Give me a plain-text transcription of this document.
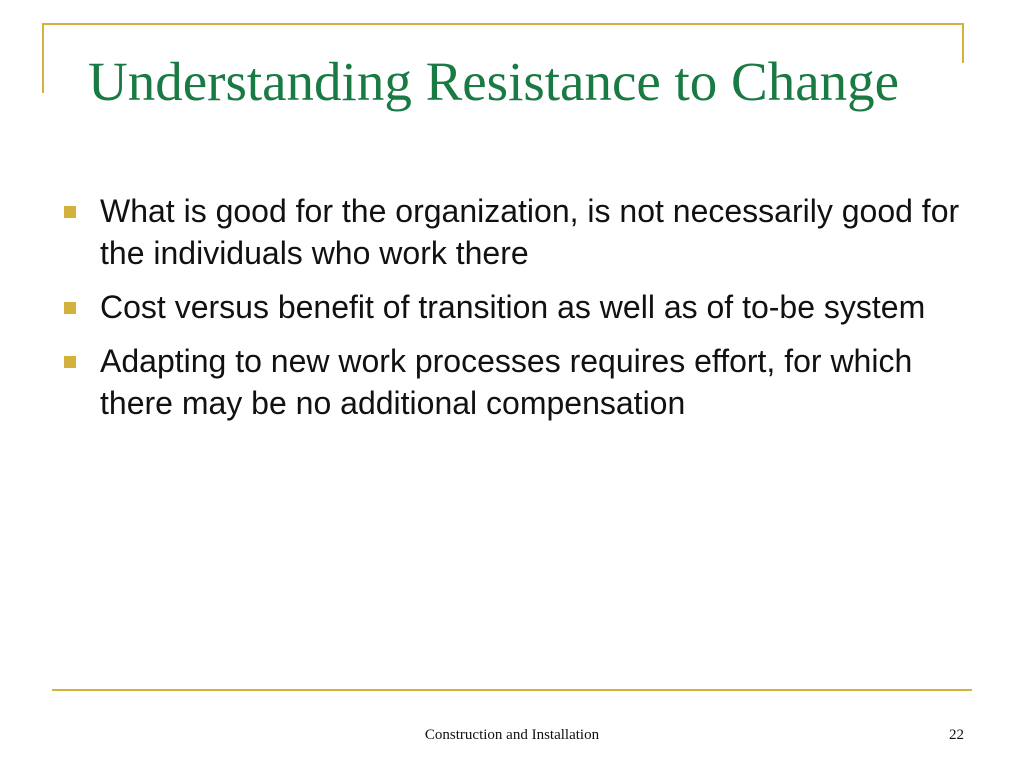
Understanding Resistance to Change
What is good for the organization, is not necessarily good for the individuals who work there
Cost versus benefit of transition as well as of to-be system
Adapting to new work processes requires effort, for which there may be no additional compensation
Construction and Installation	22
